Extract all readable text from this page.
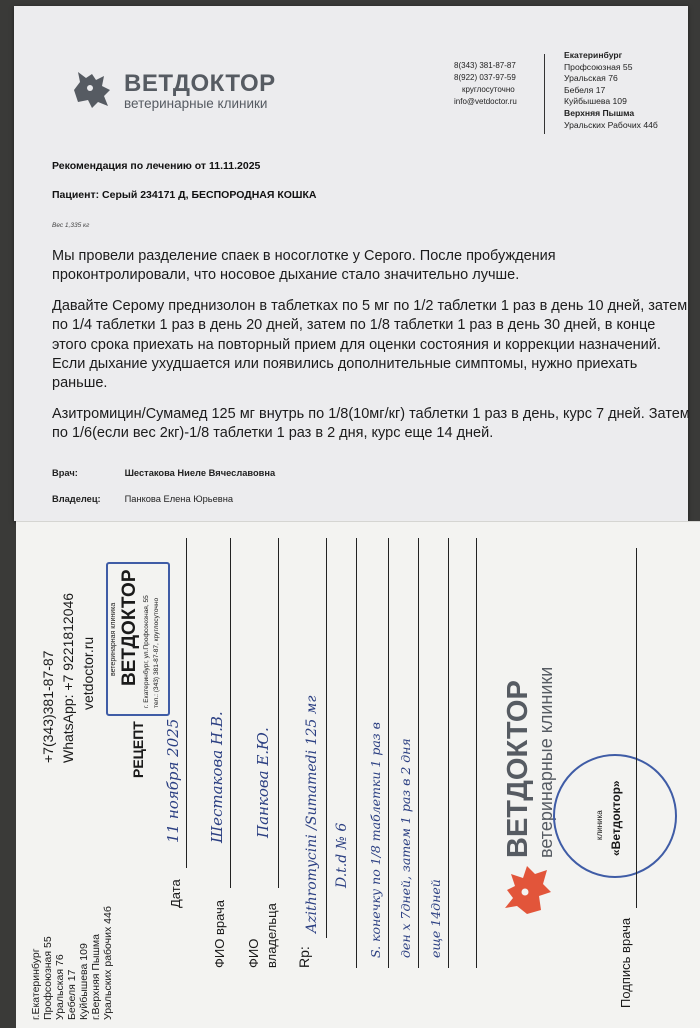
ВЕТДОКТОР
ветеринарные клиники
8(343) 381-87-87
8(922) 037-97-59
круглосуточно
info@vetdoctor.ru
Екатеринбург
Профсоюзная 55
Уральская 76
Бебеля 17
Куйбышева 109
Верхняя Пышма
Уральских Рабочих 44б
Рекомендация по лечению от 11.11.2025
Пациент: Серый 234171 Д, БЕСПОРОДНАЯ КОШКА
Вес 1,335 кг

Мы провели разделение спаек в носоглотке у Серого. После пробуждения проконтролировали, что носовое дыхание стало значительно лучше.

Давайте Серому преднизолон в таблетках по 5 мг по 1/2 таблетки 1 раз в день 10 дней, затем по 1/4 таблетки 1 раз в день 20 дней, затем по 1/8 таблетки 1 раз в день 30 дней, в конце этого срока приехать на повторный прием для оценки состояния и коррекции назначений. Если дыхание ухудшается или появились дополнительные симптомы, нужно приехать раньше.

Азитромицин/Сумамед 125 мг внутрь по 1/8(10мг/кг) таблетки 1 раз в день, курс 7 дней. Затем по 1/6(если вес 2кг)-1/8 таблетки 1 раз в 2 дня, курс еще 14 дней.

Врач:	Шестакова Ниеле Вячеславовна
Владелец:	Панкова Елена Юрьевна
г.Екатеринбург Профсоюзная 55 Уральская 76 Бебеля 17 Куйбышева 109 г.Верхняя Пышма Уральских рабочих 44б
+7(343)381-87-87 WhatsApp: +7 9221812046 vetdoctor.ru ветеринарная клиника ВЕТДОКТОР г. Екатеринбург, ул.Профсоюзная, 55 тел.: (343) 381-87-87, круглосуточно
РЕЦЕПТ
Дата
11 ноября 2025
ФИО врача
Шестакова Н.В.
ФИО владельца
Панкова Е.Ю.
Rp:
Azithromycini /Sumamedi 125 мг D.t.d № 6 S. конечку по 1/8 таблетки 1 раз в ден х 7дней, затем 1 раз в 2 дня еще 14дней
ВЕТДОКТОР ветеринарные клиники	клиника «Ветдоктор»
Подпись врача
